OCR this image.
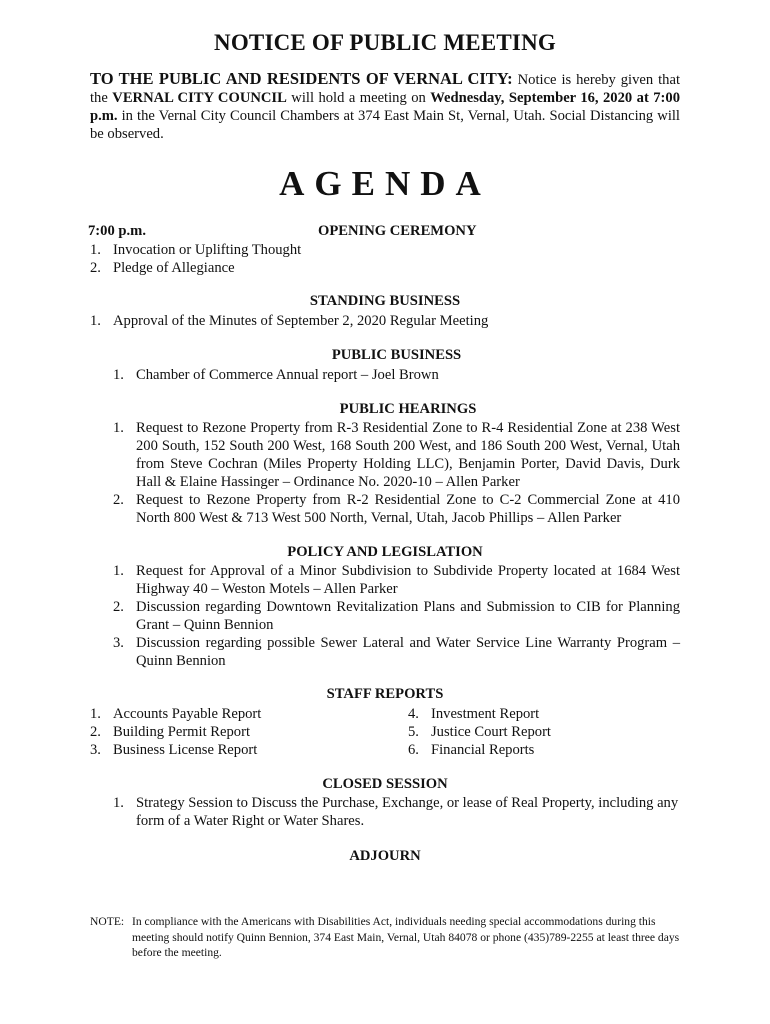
NOTICE OF PUBLIC MEETING
TO THE PUBLIC AND RESIDENTS OF VERNAL CITY: Notice is hereby given that the VERNAL CITY COUNCIL will hold a meeting on Wednesday, September 16, 2020 at 7:00 p.m. in the Vernal City Council Chambers at 374 East Main St, Vernal, Utah. Social Distancing will be observed.
AGENDA
7:00 p.m.	OPENING CEREMONY
1. Invocation or Uplifting Thought
2. Pledge of Allegiance
STANDING BUSINESS
1. Approval of the Minutes of September 2, 2020 Regular Meeting
PUBLIC BUSINESS
1. Chamber of Commerce Annual report – Joel Brown
PUBLIC HEARINGS
1. Request to Rezone Property from R-3 Residential Zone to R-4 Residential Zone at 238 West 200 South, 152 South 200 West, 168 South 200 West, and 186 South 200 West, Vernal, Utah from Steve Cochran (Miles Property Holding LLC), Benjamin Porter, David Davis, Durk Hall & Elaine Hassinger – Ordinance No. 2020-10 – Allen Parker
2. Request to Rezone Property from R-2 Residential Zone to C-2 Commercial Zone at 410 North 800 West & 713 West 500 North, Vernal, Utah, Jacob Phillips – Allen Parker
POLICY AND LEGISLATION
1. Request for Approval of a Minor Subdivision to Subdivide Property located at 1684 West Highway 40 – Weston Motels – Allen Parker
2. Discussion regarding Downtown Revitalization Plans and Submission to CIB for Planning Grant – Quinn Bennion
3. Discussion regarding possible Sewer Lateral and Water Service Line Warranty Program – Quinn Bennion
STAFF REPORTS
1. Accounts Payable Report
2. Building Permit Report
3. Business License Report
4. Investment Report
5. Justice Court Report
6. Financial Reports
CLOSED SESSION
1. Strategy Session to Discuss the Purchase, Exchange, or lease of Real Property, including any form of a Water Right or Water Shares.
ADJOURN
NOTE: In compliance with the Americans with Disabilities Act, individuals needing special accommodations during this meeting should notify Quinn Bennion, 374 East Main, Vernal, Utah 84078 or phone (435)789-2255 at least three days before the meeting.
